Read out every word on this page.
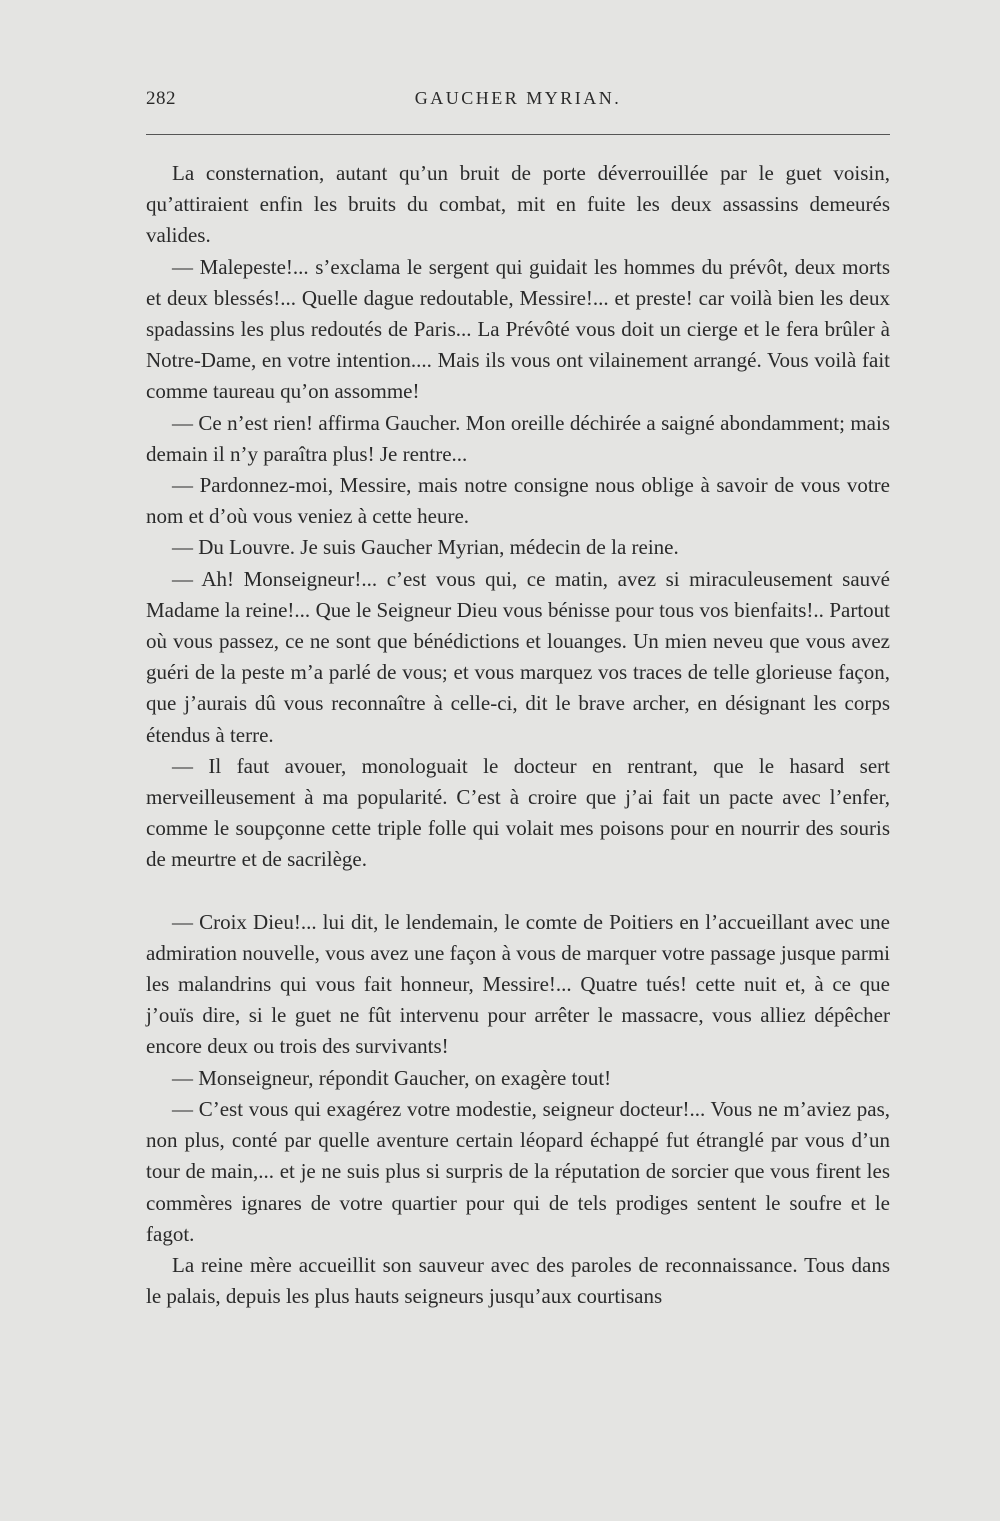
282	GAUCHER MYRIAN.

La consternation, autant qu’un bruit de porte déverrouillée par le guet voisin, qu’attiraient enfin les bruits du combat, mit en fuite les deux assassins demeurés valides.

— Malepeste!... s’exclama le sergent qui guidait les hommes du prévôt, deux morts et deux blessés!... Quelle dague redoutable, Messire!... et preste! car voilà bien les deux spadassins les plus redoutés de Paris... La Prévôté vous doit un cierge et le fera brûler à Notre-Dame, en votre intention.... Mais ils vous ont vilainement arrangé. Vous voilà fait comme taureau qu’on assomme!

— Ce n’est rien! affirma Gaucher. Mon oreille déchirée a saigné abondamment; mais demain il n’y paraîtra plus! Je rentre...

— Pardonnez-moi, Messire, mais notre consigne nous oblige à savoir de vous votre nom et d’où vous veniez à cette heure.

— Du Louvre. Je suis Gaucher Myrian, médecin de la reine.

— Ah! Monseigneur!... c’est vous qui, ce matin, avez si miraculeusement sauvé Madame la reine!... Que le Seigneur Dieu vous bénisse pour tous vos bienfaits!.. Partout où vous passez, ce ne sont que bénédictions et louanges. Un mien neveu que vous avez guéri de la peste m’a parlé de vous; et vous marquez vos traces de telle glorieuse façon, que j’aurais dû vous reconnaître à celle-ci, dit le brave archer, en désignant les corps étendus à terre.

— Il faut avouer, monologuait le docteur en rentrant, que le hasard sert merveilleusement à ma popularité. C’est à croire que j’ai fait un pacte avec l’enfer, comme le soupçonne cette triple folle qui volait mes poisons pour en nourrir des souris de meurtre et de sacrilège.

— Croix Dieu!... lui dit, le lendemain, le comte de Poitiers en l’accueillant avec une admiration nouvelle, vous avez une façon à vous de marquer votre passage jusque parmi les malandrins qui vous fait honneur, Messire!... Quatre tués! cette nuit et, à ce que j’ouïs dire, si le guet ne fût intervenu pour arrêter le massacre, vous alliez dépêcher encore deux ou trois des survivants!

— Monseigneur, répondit Gaucher, on exagère tout!

— C’est vous qui exagérez votre modestie, seigneur docteur!... Vous ne m’aviez pas, non plus, conté par quelle aventure certain léopard échappé fut étranglé par vous d’un tour de main,... et je ne suis plus si surpris de la réputation de sorcier que vous firent les commères ignares de votre quartier pour qui de tels prodiges sentent le soufre et le fagot.

La reine mère accueillit son sauveur avec des paroles de reconnaissance. Tous dans le palais, depuis les plus hauts seigneurs jusqu’aux courtisans
